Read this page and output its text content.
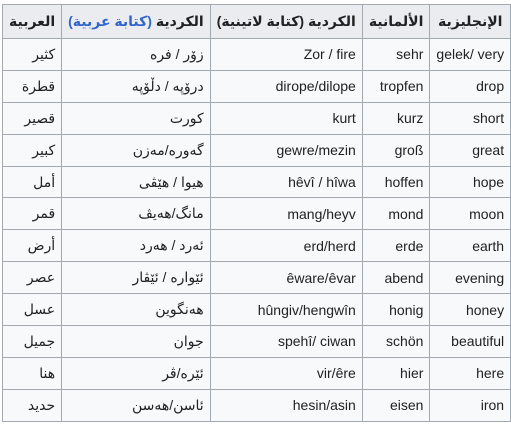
العربية	الكردية (كتابة عربية)	الكردية (كتابة لاتينية)	الألمانية	الإنجليزية
كثير	زۆر / فره	Zor / fire	sehr	gelek/ very
قطرة	درۆپه / دڵۆپه	dirope/dilope	tropfen	drop
قصير	کورت	kurt	kurz	short
كبير	گەورە/مەزن	gewre/mezin	groß	great
أمل	هیوا / هێڤی	hêvî / hîwa	hoffen	hope
قمر	مانگ/هەیڤ	mang/heyv	mond	moon
أرض	ئەرد / هەرد	erd/herd	erde	earth
عصر	ئێواره / ئێڤار	êware/êvar	abend	evening
عسل	هەنگوین	hûngiv/hengwîn	honig	honey
جميل	جوان	spehî/ ciwan	schön	beautiful
هنا	ئێره/ڤر	vir/êre	hier	here
حديد	ئاسن/هەسن	hesin/asin	eisen	iron
